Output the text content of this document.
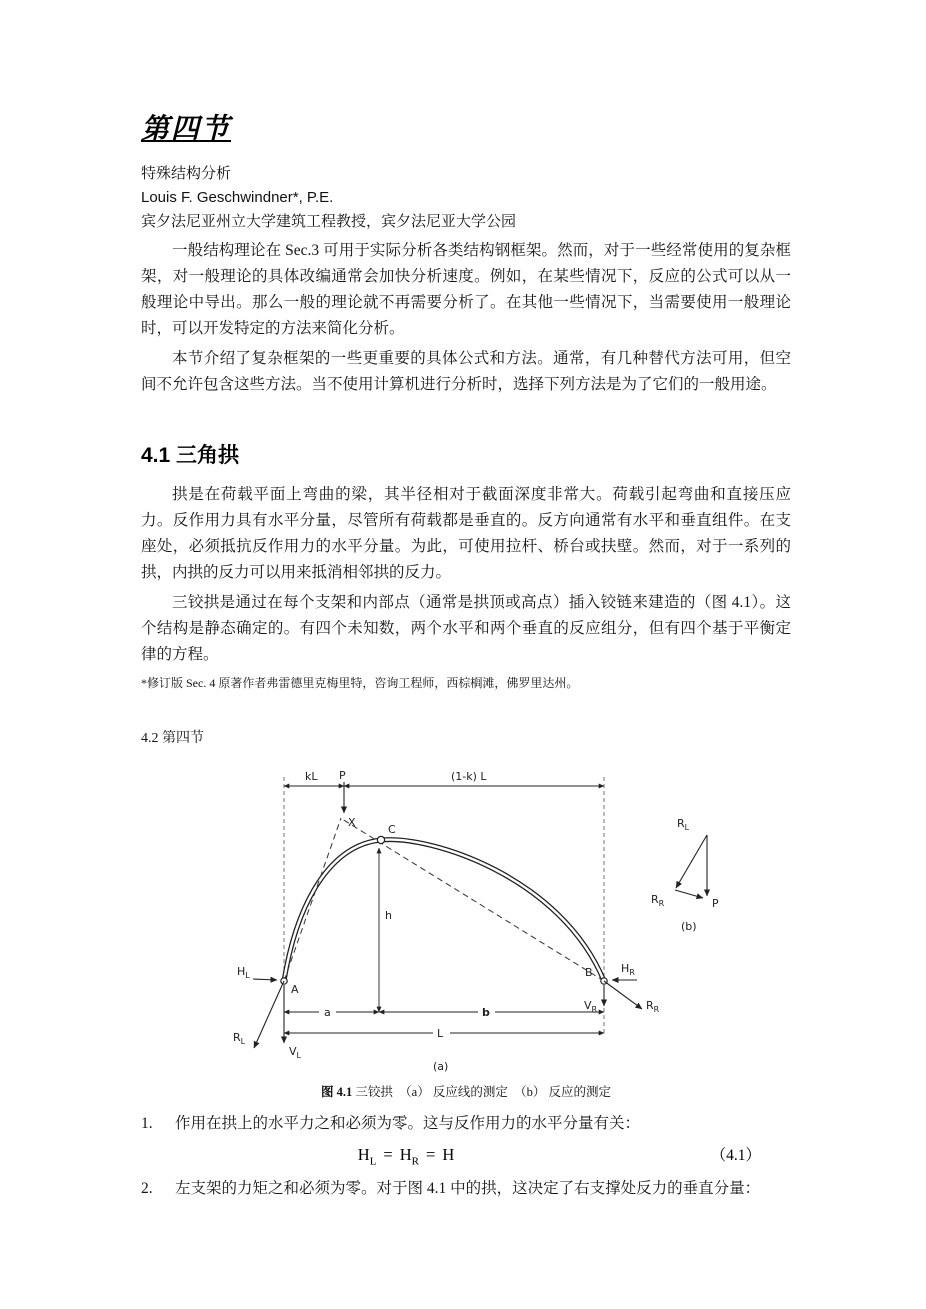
第四节
特殊结构分析
Louis F. Geschwindner*, P.E.
宾夕法尼亚州立大学建筑工程教授，宾夕法尼亚大学公园

一般结构理论在 Sec.3 可用于实际分析各类结构钢框架。然而，对于一些经常使用的复杂框架，对一般理论的具体改编通常会加快分析速度。例如，在某些情况下，反应的公式可以从一般理论中导出。那么一般的理论就不再需要分析了。在其他一些情况下，当需要使用一般理论时，可以开发特定的方法来简化分析。

本节介绍了复杂框架的一些更重要的具体公式和方法。通常，有几种替代方法可用，但空间不允许包含这些方法。当不使用计算机进行分析时，选择下列方法是为了它们的一般用途。

4.1 三角拱

拱是在荷载平面上弯曲的梁，其半径相对于截面深度非常大。荷载引起弯曲和直接压应力。反作用力具有水平分量，尽管所有荷载都是垂直的。反方向通常有水平和垂直组件。在支座处，必须抵抗反作用力的水平分量。为此，可使用拉杆、桥台或扶壁。然而，对于一系列的拱，内拱的反力可以用来抵消相邻拱的反力。

三铰拱是通过在每个支架和内部点（通常是拱顶或高点）插入铰链来建造的（图 4.1）。这个结构是静态确定的。有四个未知数，两个水平和两个垂直的反应组分，但有四个基于平衡定律的方程。

*修订版 Sec. 4 原著作者弗雷德里克梅里特，咨询工程师，西棕榈滩，佛罗里达州。

4.2 第四节

kL	(1-k) L
P
X
h
C
A
B
$H_L$
$R_L$
$V_L$
$H_R$
$R_R$
$V_R$
a	b
L
(a)
$R_L$
$R_R$	P
(b)
图 4.1 三铰拱　（a） 反应线的测定　（b） 反应的测定
1.	作用在拱上的水平力之和必须为零。这与反作用力的水平分量有关：
$H_L = H_R = H$	（4.1）
2.	左支架的力矩之和必须为零。对于图 4.1 中的拱，这决定了右支撑处反力的垂直分量：
